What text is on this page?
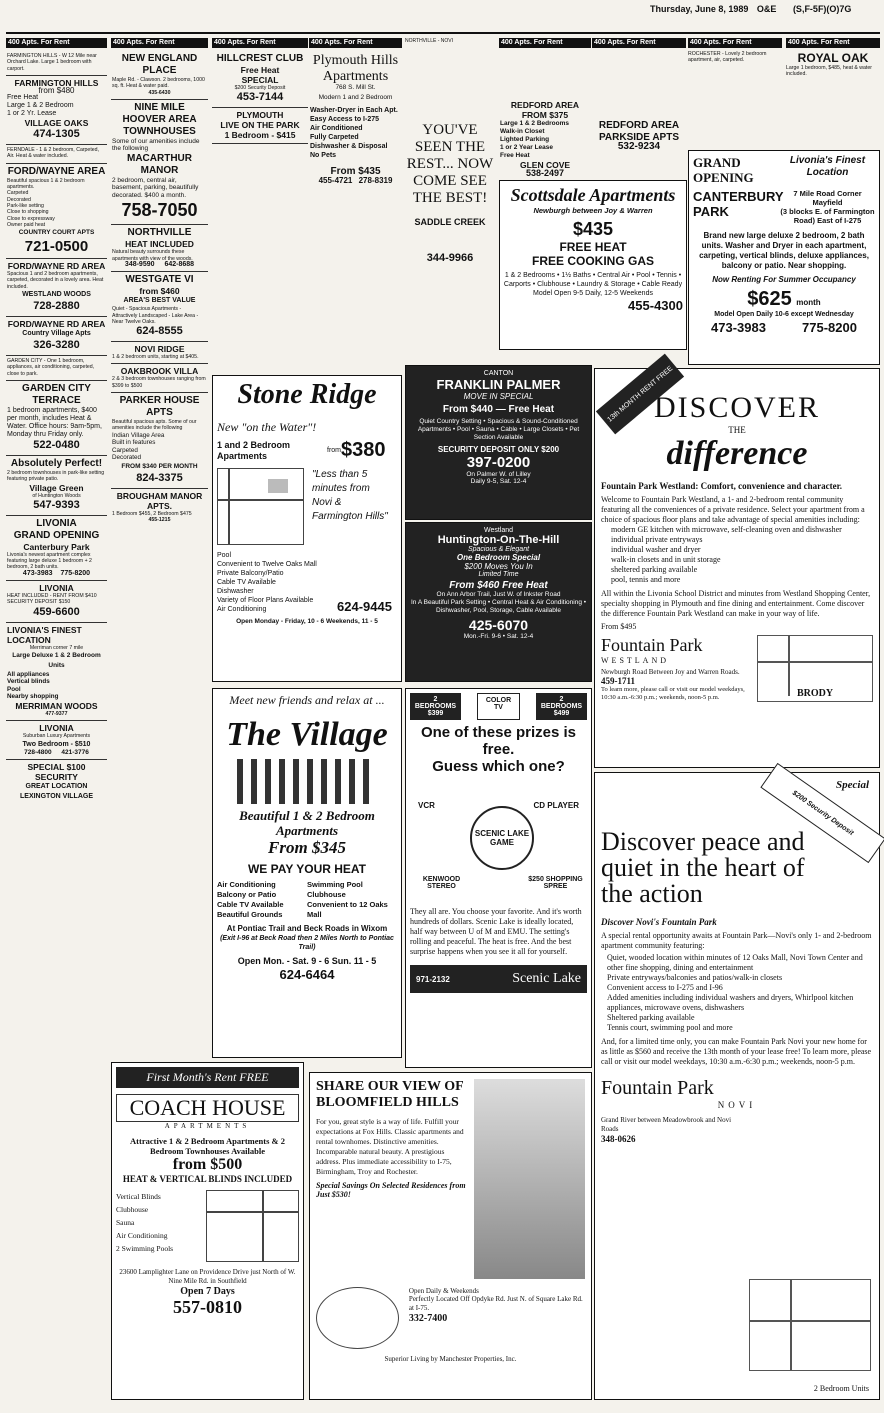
Thursday, June 8, 1989 O&E (S,F-5F)(O)7G
400 Apts. For Rent

FARMINGTON HILLS - W 12 Mile near Orchard Lake. Large 1 bedroom with carport.

FARMINGTON HILLS
from $480
Free Heat
Large 1 & 2 Bedroom
1 or 2 Yr. Lease
VILLAGE OAKS
474-1305

FERNDALE - 1 & 2 bedroom, Carpeted, Air. Heat & water included.

FORD/WAYNE AREA

Beautiful spacious 1 & 2 bedroom apartments.

Carpeted
Decorated
Park-like setting
Close to shopping
Close to expressway
Owner paid heat
COUNTRY COURT APTS
721-0500
FORD/WAYNE RD AREA

Spacious 1 and 2 bedroom apartments, carpeted, decorated in a lovely area. Heat included.

WESTLAND WOODS
728-2880
FORD/WAYNE RD AREA
Country Village Apts
326-3280

GARDEN CITY - One 1 bedroom, appliances, air conditioning, carpeted, close to park.

GARDEN CITY TERRACE

1 bedroom apartments, $400 per month, includes Heat & Water. Office hours: 9am-5pm, Monday thru Friday only.

522-0480
Absolutely Perfect!

2 bedroom townhouses in park-like setting featuring private patio.

Village Green
of Huntington Woods
547-9393
LIVONIA
GRAND OPENING
Canterbury Park

Livonia's newest apartment complex featuring large deluxe 1 bedroom + 2 bedroom, 2 bath units.

473-3983 775-8200
LIVONIA

HEAT INCLUDED - RENT FROM $410 SECURITY DEPOSIT $150

459-6600
LIVONIA'S FINEST LOCATION
Merriman corner 7 mile
Large Deluxe 1 & 2 Bedroom Units
All appliances
Vertical blinds
Pool
Nearby shopping
MERRIMAN WOODS
477-9377
LIVONIA
Suburban Luxury Apartments
Two Bedroom - $510
728-4800 421-3776
SPECIAL $100 SECURITY
GREAT LOCATION LEXINGTON VILLAGE
400 Apts. For Rent
NEW ENGLAND PLACE

Maple Rd. - Clawson. 2 bedrooms, 1000 sq. ft. Heat & water paid.

435-6430
NINE MILE HOOVER AREA TOWNHOUSES

Some of our amenities include the following

MACARTHUR MANOR

2 bedroom, central air, basement, parking, beautifully decorated. $400 a month.

758-7050
NORTHVILLE
HEAT INCLUDED

Natural beauty surrounds these apartments with view of the woods.

348-9590 642-8688
WESTGATE VI
from $460
AREA'S BEST VALUE

Quiet - Spacious Apartments - Attractively Landscaped - Lake Area - Near Twelve Oaks.

624-8555
NOVI RIDGE

1 & 2 bedroom units, starting at $405.

OAKBROOK VILLA

2 & 3 bedroom townhouses ranging from $399 to $500

PARKER HOUSE APTS

Beautiful spacious apts. Some of our amenities include the following

Indian Village Area
Built in features
Carpeted
Decorated
FROM $340 PER MONTH
824-3375
BROUGHAM MANOR APTS.

1 Bedroom $455, 2 Bedroom $475

455-1215
400 Apts. For Rent
HILLCREST CLUB
Free Heat
SPECIAL
$200 Security Deposit
453-7144
PLYMOUTH
LIVE ON THE PARK
1 Bedroom - $415
400 Apts. For Rent
Plymouth Hills Apartments
768 S. Mill St.
Modern 1 and 2 Bedroom
Washer-Dryer in Each Apt.
Easy Access to I-275
Air Conditioned
Fully Carpeted
Dishwasher & Disposal
No Pets
From $435
455-4721 278-8319
NORTHVILLE - NOVI
YOU'VE SEEN THE REST... NOW COME SEE THE BEST!
SADDLE CREEK
344-9966
400 Apts. For Rent
REDFORD AREA
FROM $375
Large 1 & 2 Bedrooms
Walk-in Closet
Lighted Parking
1 or 2 Year Lease
Free Heat
GLEN COVE
538-2497
400 Apts. For Rent
REDFORD AREA
PARKSIDE APTS
532-9234
400 Apts. For Rent

ROCHESTER - Lovely 2 bedroom apartment, air, carpeted.

400 Apts. For Rent
ROYAL OAK

Large 1 bedroom, $485, heat & water included.

Scottsdale Apartments
Newburgh between Joy & Warren
$435
FREE HEAT
FREE COOKING GAS
1 & 2 Bedrooms • 1½ Baths • Central Air • Pool • Tennis • Carports • Clubhouse • Laundry & Storage • Cable Ready
Model Open 9-5 Daily, 12-5 Weekends
455-4300
GRAND OPENING
Livonia's Finest Location
CANTERBURY PARK
7 Mile Road Corner Mayfield
(3 blocks E. of Farmington Road) East of I-275
Brand new large deluxe 2 bedroom, 2 bath units. Washer and Dryer in each apartment, carpeting, vertical blinds, deluxe appliances, balcony or patio. Near shopping.
Now Renting For Summer Occupancy
$625 month
Model Open Daily 10-6 except Wednesday
473-3983	775-8200
Stone Ridge
New "on the Water"!
1 and 2 Bedroom Apartments	from $380
"Less than 5 minutes from Novi & Farmington Hills"
Pool
Convenient to Twelve Oaks Mall
Private Balcony/Patio
Cable TV Available
Dishwasher
Variety of Floor Plans Available
Air Conditioning	624-9445
Open Monday - Friday, 10 - 6 Weekends, 11 - 5
Meet new friends and relax at ...
The Village
Beautiful 1 & 2 Bedroom Apartments
From $345
WE PAY YOUR HEAT
Air Conditioning
Balcony or Patio
Cable TV Available
Beautiful Grounds
Swimming Pool
Clubhouse
Convenient to 12 Oaks Mall
At Pontiac Trail and Beck Roads in Wixom
(Exit I-96 at Beck Road then 2 Miles North to Pontiac Trail)
Open Mon. - Sat. 9 - 6 Sun. 11 - 5
624-6464
CANTON
FRANKLIN PALMER
MOVE IN SPECIAL
From $440 — Free Heat
Quiet Country Setting • Spacious & Sound-Conditioned Apartments • Pool • Sauna • Cable • Large Closets • Pet Section Available
SECURITY DEPOSIT ONLY $200
397-0200
On Palmer W. of Lilley
Daily 9-5, Sat. 12-4
Westland
Huntington-On-The-Hill
Spacious & Elegant
One Bedroom Special
$200 Moves You In
Limited Time
From $460 Free Heat
On Ann Arbor Trail, Just W. of Inkster Road
In A Beautiful Park Setting • Central Heat & Air Conditioning • Dishwasher, Pool, Storage, Cable Available
425-6070
Mon.-Fri. 9-6 • Sat. 12-4
2 BEDROOMS $399
COLOR TV
2 BEDROOMS $499
One of these prizes is free.
Guess which one?
SCENIC LAKE GAME
VCR	CD PLAYER
KENWOOD STEREO
$250 SHOPPING SPREE
They all are. You choose your favorite. And it's worth hundreds of dollars. Scenic Lake is ideally located, half way between U of M and EMU. The setting's rolling and peaceful. The heat is free. And the best surprise happens when you see it all for yourself.
971-2132	Scenic Lake
13th MONTH RENT FREE
DISCOVER
THE
difference
Fountain Park Westland: Comfort, convenience and character.
Welcome to Fountain Park Westland, a 1- and 2-bedroom rental community featuring all the conveniences of a private residence. Select your apartment from a choice of spacious floor plans and take advantage of special amenities including:
modern GE kitchen with microwave, self-cleaning oven and dishwasher
individual private entryways
individual washer and dryer
walk-in closets and in unit storage
sheltered parking available
pool, tennis and more
All within the Livonia School District and minutes from Westland Shopping Center, specialty shopping in Plymouth and fine dining and entertainment. Come discover the difference Fountain Park Westland can make in your way of life.
From $495
Fountain Park
WESTLAND
Newburgh Road Between Joy and Warren Roads.
459-1711
To learn more, please call or visit our model weekdays, 10:30 a.m.-6:30 p.m.; weekends, noon-5 p.m.	BRODY
$200 Security Deposit
Special
Discover peace and quiet in the heart of the action
Discover Novi's Fountain Park
A special rental opportunity awaits at Fountain Park—Novi's only 1- and 2-bedroom apartment community featuring:
Quiet, wooded location within minutes of 12 Oaks Mall, Novi Town Center and other fine shopping, dining and entertainment
Private entryways/balconies and patios/walk-in closets
Convenient access to I-275 and I-96
Added amenities including individual washers and dryers, Whirlpool kitchen appliances, microwave ovens, dishwashers
Sheltered parking available
Tennis court, swimming pool and more
And, for a limited time only, you can make Fountain Park Novi your new home for as little as $560 and receive the 13th month of your lease free! To learn more, please call or visit our model weekdays, 10:30 a.m.-6:30 p.m.; weekends, noon-5 p.m.
Fountain Park
NOVI
Grand River between Meadowbrook and Novi Roads
348-0626
2 Bedroom Units
First Month's Rent FREE
COACH HOUSE
APARTMENTS
Attractive 1 & 2 Bedroom Apartments & 2 Bedroom Townhouses Available
from $500
HEAT & VERTICAL BLINDS INCLUDED
Vertical Blinds
Clubhouse
Sauna
Air Conditioning
2 Swimming Pools
23600 Lamplighter Lane on Providence Drive just North of W. Nine Mile Rd. in Southfield
Open 7 Days
557-0810
SHARE OUR VIEW OF BLOOMFIELD HILLS
For you, great style is a way of life. Fulfill your expectations at Fox Hills. Classic apartments and rental townhomes. Distinctive amenities. Incomparable natural beauty. A prestigious address. Plus immediate accessibility to I-75, Birmingham, Troy and Rochester.
Special Savings On Selected Residences from Just $530!
Open Daily & Weekends
Perfectly Located Off Opdyke Rd. Just N. of Square Lake Rd. at I-75.
332-7400
Superior Living by Manchester Properties, Inc.
